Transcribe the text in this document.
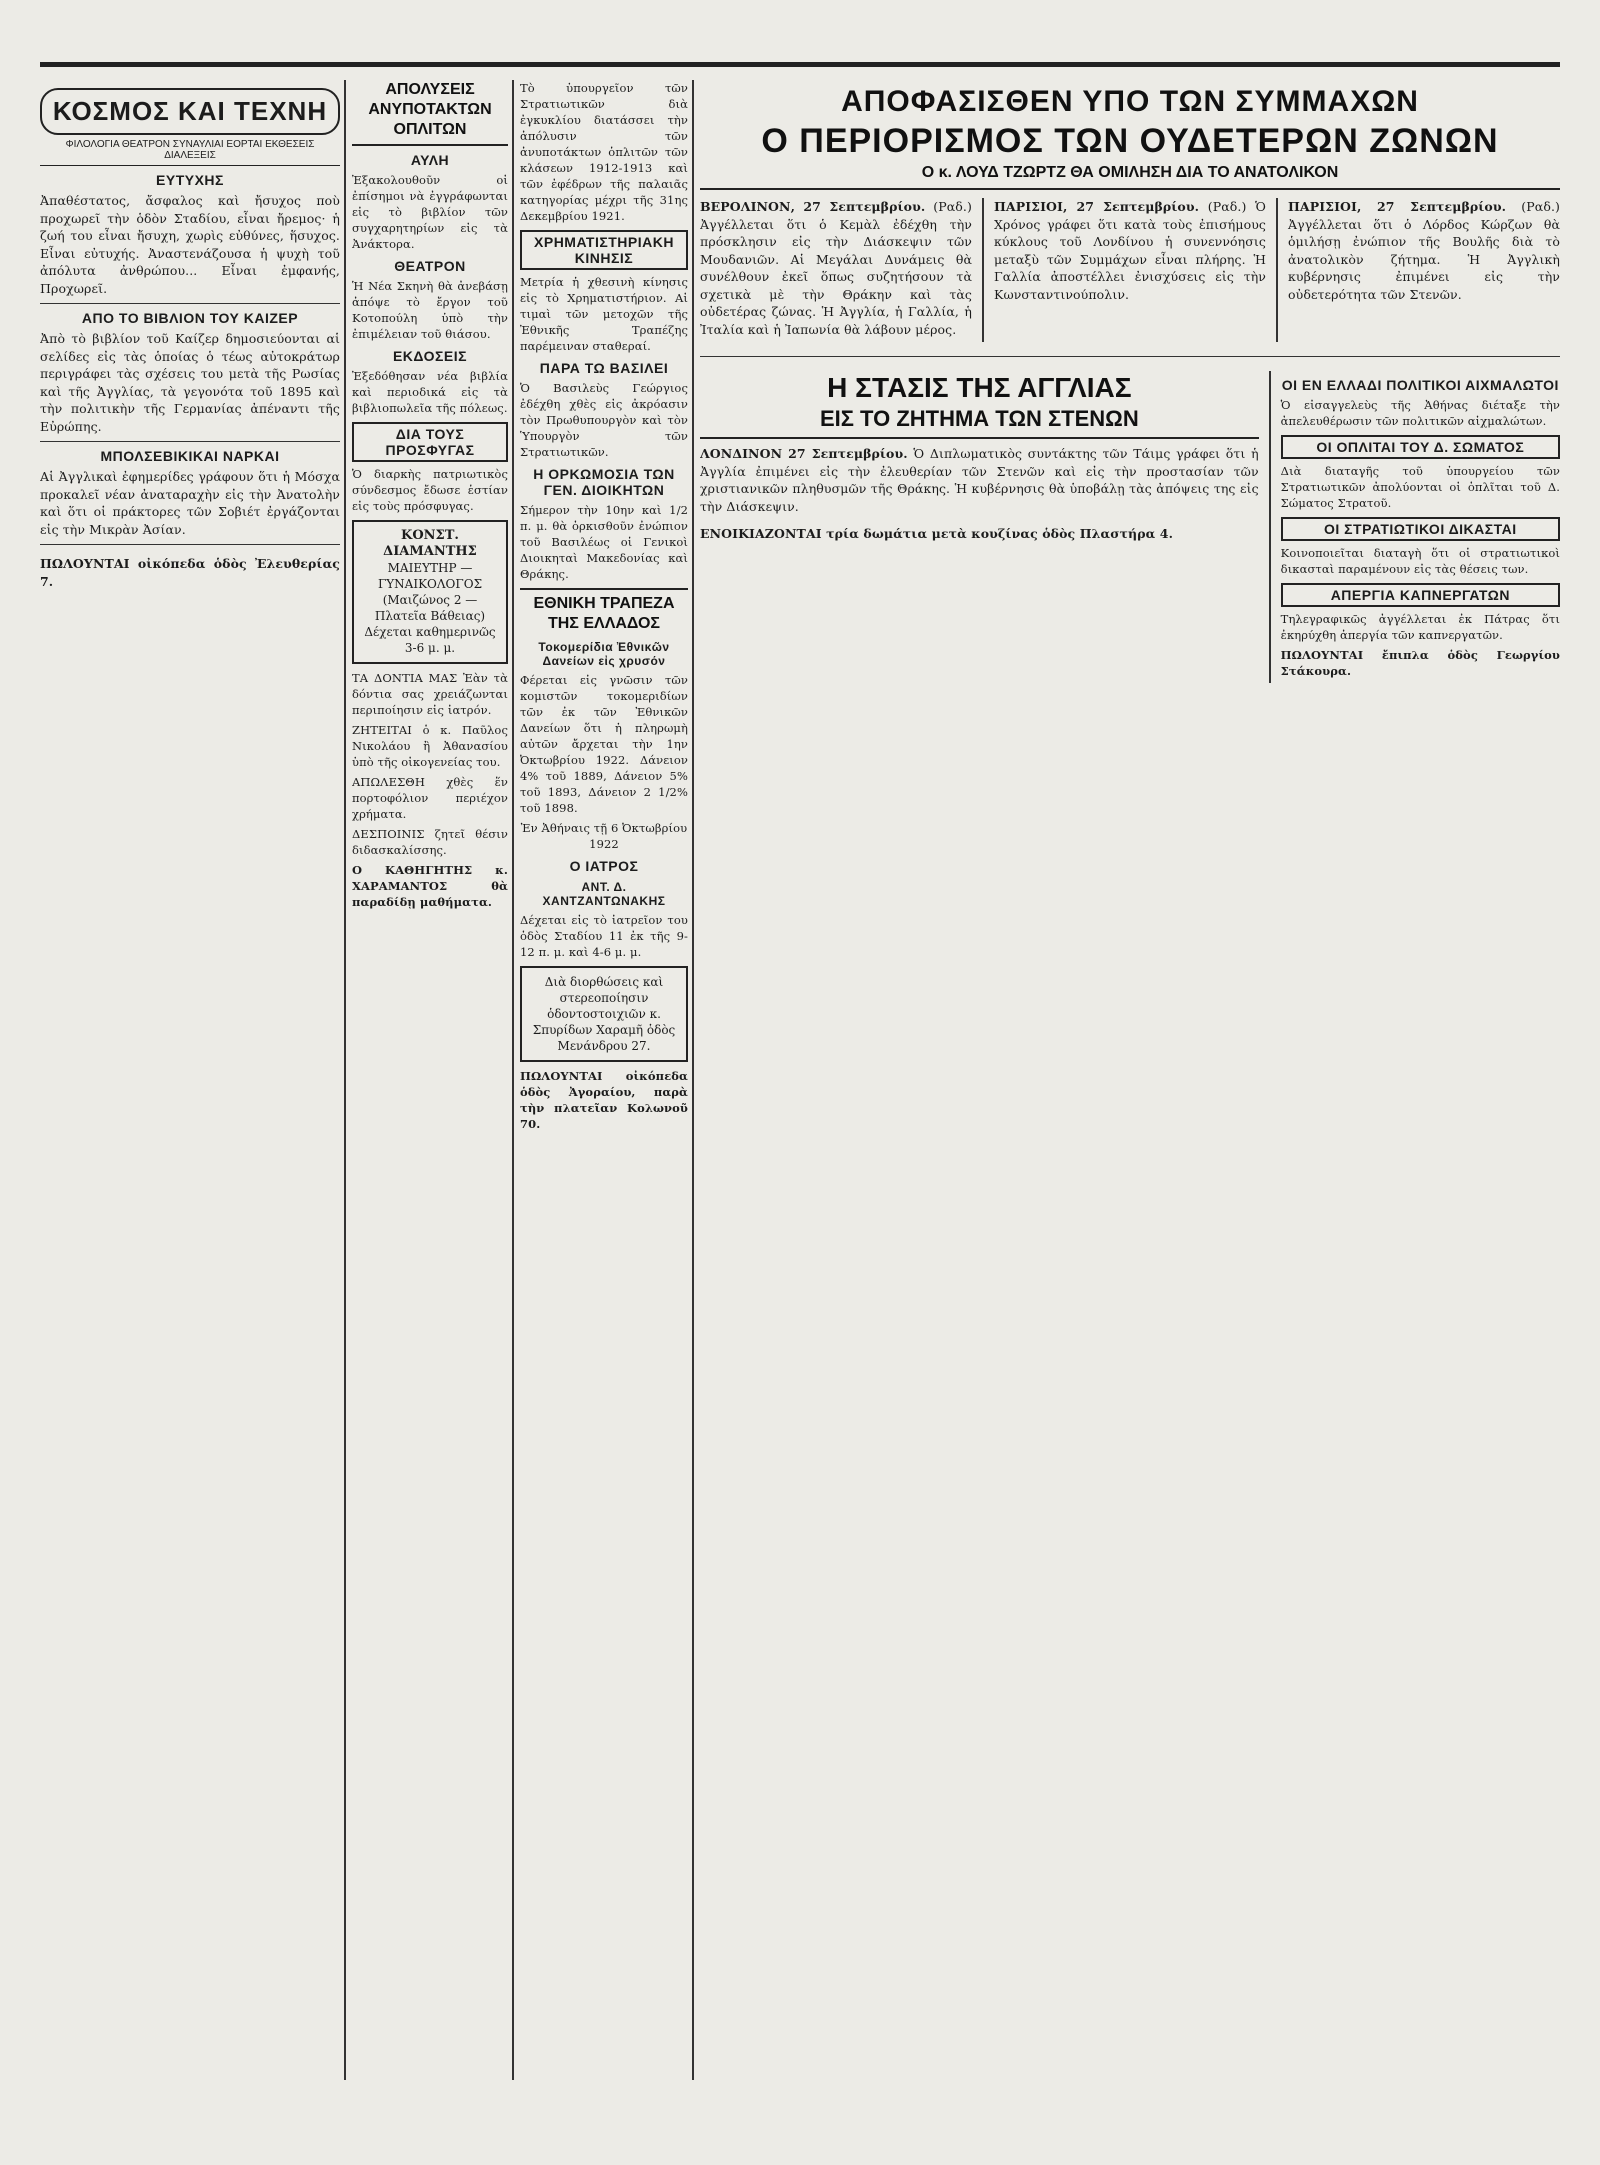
ΚΟΣΜΟΣ ΚΑΙ ΤΕΧΝΗ
ΦΙΛΟΛΟΓΙΑ ΘΕΑΤΡΟΝ ΣΥΝΑΥΛΙΑΙ ΕΟΡΤΑΙ ΕΚΘΕΣΕΙΣ ΔΙΑΛΕΞΕΙΣ
ΕΥΤΥΧΗΣ

Ἀπαθέστατος, ἄσφαλος καὶ ἤσυχος ποὺ προχωρεῖ τὴν ὁδὸν Σταδίου, εἶναι ἤρεμος· ἡ ζωή του εἶναι ἤσυχη, χωρὶς εὐθύνες, ἥσυχος. Εἶναι εὐτυχής. Ἀναστενάζουσα ἡ ψυχὴ τοῦ ἀπόλυτα ἀνθρώπου... Εἶναι ἐμφανής, Προχωρεῖ.

ΑΠΟ ΤΟ ΒΙΒΛΙΟΝ ΤΟΥ ΚΑΙΖΕΡ

Ἀπὸ τὸ βιβλίον τοῦ Καίζερ δημοσιεύονται αἱ σελίδες εἰς τὰς ὁποίας ὁ τέως αὐτοκράτωρ περιγράφει τὰς σχέσεις του μετὰ τῆς Ρωσίας καὶ τῆς Ἀγγλίας, τὰ γεγονότα τοῦ 1895 καὶ τὴν πολιτικὴν τῆς Γερμανίας ἀπέναντι τῆς Εὐρώπης.

ΜΠΟΛΣΕΒΙΚΙΚΑΙ ΝΑΡΚΑΙ

Αἱ Ἀγγλικαὶ ἐφημερίδες γράφουν ὅτι ἡ Μόσχα προκαλεῖ νέαν ἀναταραχὴν εἰς τὴν Ἀνατολὴν καὶ ὅτι οἱ πράκτορες τῶν Σοβιέτ ἐργάζονται εἰς τὴν Μικρὰν Ἀσίαν.

ΠΩΛΟΥΝΤΑΙ οἰκόπεδα ὁδὸς Ἐλευθερίας 7.
ΑΠΟΛΥΣΕΙΣ ΑΝΥΠΟΤΑΚΤΩΝ ΟΠΛΙΤΩΝ
ΑΥΛΗ

Ἐξακολουθοῦν οἱ ἐπίσημοι νὰ ἐγγράφωνται εἰς τὸ βιβλίον τῶν συγχαρητηρίων εἰς τὰ Ἀνάκτορα.

ΘΕΑΤΡΟΝ

Ἡ Νέα Σκηνὴ θὰ ἀνεβάσῃ ἀπόψε τὸ ἔργον τοῦ Κοτοπούλη ὑπὸ τὴν ἐπιμέλειαν τοῦ θιάσου.

ΕΚΔΟΣΕΙΣ

Ἐξεδόθησαν νέα βιβλία καὶ περιοδικά εἰς τὰ βιβλιοπωλεῖα τῆς πόλεως.

ΔΙΑ ΤΟΥΣ ΠΡΟΣΦΥΓΑΣ

Ὁ διαρκὴς πατριωτικὸς σύνδεσμος ἔδωσε ἑστίαν εἰς τοὺς πρόσφυγας.

ΚΟΝΣΤ. ΔΙΑΜΑΝΤΗΣ
ΜΑΙΕΥΤΗΡ — ΓΥΝΑΙΚΟΛΟΓΟΣ
(Μαιζώνος 2 — Πλατεῖα Βάθειας)
Δέχεται καθημερινῶς 3-6 μ. μ.

ΤΑ ΔΟΝΤΙΑ ΜΑΣ Ἐὰν τὰ δόντια σας χρειάζωνται περιποίησιν εἰς ἰατρόν.

ΖΗΤΕΙΤΑΙ ὁ κ. Παῦλος Νικολάου ἢ Ἀθανασίου ὑπὸ τῆς οἰκογενείας του.

ΑΠΩΛΕΣΘΗ χθὲς ἕν πορτοφόλιον περιέχον χρήματα.

ΔΕΣΠΟΙΝΙΣ ζητεῖ θέσιν διδασκαλίσσης.

Ο ΚΑΘΗΓΗΤΗΣ κ. ΧΑΡΑΜΑΝΤΟΣ θὰ παραδίδῃ μαθήματα.

Τὸ ὑπουργεῖον τῶν Στρατιωτικῶν διὰ ἐγκυκλίου διατάσσει τὴν ἀπόλυσιν τῶν ἀνυποτάκτων ὁπλιτῶν τῶν κλάσεων 1912-1913 καὶ τῶν ἐφέδρων τῆς παλαιᾶς κατηγορίας μέχρι τῆς 31ης Δεκεμβρίου 1921.

ΧΡΗΜΑΤΙΣΤΗΡΙΑΚΗ ΚΙΝΗΣΙΣ

Μετρία ἡ χθεσινὴ κίνησις εἰς τὸ Χρηματιστήριον. Αἱ τιμαὶ τῶν μετοχῶν τῆς Ἐθνικῆς Τραπέζης παρέμειναν σταθεραί.

ΠΑΡΑ ΤΩ ΒΑΣΙΛΕΙ

Ὁ Βασιλεὺς Γεώργιος ἐδέχθη χθὲς εἰς ἀκρόασιν τὸν Πρωθυπουργὸν καὶ τὸν Ὑπουργὸν τῶν Στρατιωτικῶν.

Η ΟΡΚΩΜΟΣΙΑ ΤΩΝ ΓΕΝ. ΔΙΟΙΚΗΤΩΝ

Σήμερον τὴν 10ην καὶ 1/2 π. μ. θὰ ὁρκισθοῦν ἐνώπιον τοῦ Βασιλέως οἱ Γενικοὶ Διοικηταὶ Μακεδονίας καὶ Θράκης.

ΕΘΝΙΚΗ ΤΡΑΠΕΖΑ ΤΗΣ ΕΛΛΑΔΟΣ
Τοκομερίδια Ἐθνικῶν Δανείων εἰς χρυσόν

Φέρεται εἰς γνῶσιν τῶν κομιστῶν τοκομεριδίων τῶν ἐκ τῶν Ἐθνικῶν Δανείων ὅτι ἡ πληρωμὴ αὐτῶν ἄρχεται τὴν 1ην Ὀκτωβρίου 1922. Δάνειον 4% τοῦ 1889, Δάνειον 5% τοῦ 1893, Δάνειον 2 1/2% τοῦ 1898.

Ἐν Ἀθήναις τῇ 6 Ὀκτωβρίου 1922

Ο ΙΑΤΡΟΣ
ΑΝΤ. Δ. ΧΑΝΤΖΑΝΤΩΝΑΚΗΣ

Δέχεται εἰς τὸ ἰατρεῖον του ὁδὸς Σταδίου 11 ἐκ τῆς 9-12 π. μ. καὶ 4-6 μ. μ.

Διὰ διορθώσεις καὶ στερεοποίησιν ὁδοντοστοιχιῶν κ. Σπυρίδων Χαραμῆ ὁδὸς Μενάνδρου 27.

ΠΩΛΟΥΝΤΑΙ οἰκόπεδα ὁδὸς Ἀγοραίου, παρὰ τὴν πλατεῖαν Κολωνοῦ 70.

ΑΠΟΦΑΣΙΣΘΕΝ ΥΠΟ ΤΩΝ ΣΥΜΜΑΧΩΝ
Ο ΠΕΡΙΟΡΙΣΜΟΣ ΤΩΝ ΟΥΔΕΤΕΡΩΝ ΖΩΝΩΝ
Ο κ. ΛΟΥΔ ΤΖΩΡΤΖ ΘΑ ΟΜΙΛΗΣΗ ΔΙΑ ΤΟ ΑΝΑΤΟΛΙΚΟΝ

ΒΕΡΟΛΙΝΟΝ, 27 Σεπτεμβρίου. (Ραδ.) Ἀγγέλλεται ὅτι ὁ Κεμὰλ ἐδέχθη τὴν πρόσκλησιν εἰς τὴν Διάσκεψιν τῶν Μουδανιῶν. Αἱ Μεγάλαι Δυνάμεις θὰ συνέλθουν ἐκεῖ ὅπως συζητήσουν τὰ σχετικὰ μὲ τὴν Θράκην καὶ τὰς οὐδετέρας ζώνας. Ἡ Ἀγγλία, ἡ Γαλλία, ἡ Ἰταλία καὶ ἡ Ἰαπωνία θὰ λάβουν μέρος.

ΠΑΡΙΣΙΟΙ, 27 Σεπτεμβρίου. (Ραδ.) Ὁ Χρόνος γράφει ὅτι κατὰ τοὺς ἐπισήμους κύκλους τοῦ Λονδίνου ἡ συνεννόησις μεταξὺ τῶν Συμμάχων εἶναι πλήρης. Ἡ Γαλλία ἀποστέλλει ἐνισχύσεις εἰς τὴν Κωνσταντινούπολιν.

ΠΑΡΙΣΙΟΙ, 27 Σεπτεμβρίου. (Ραδ.) Ἀγγέλλεται ὅτι ὁ Λόρδος Κώρζων θὰ ὁμιλήσῃ ἐνώπιον τῆς Βουλῆς διὰ τὸ ἀνατολικὸν ζήτημα. Ἡ Ἀγγλικὴ κυβέρνησις ἐπιμένει εἰς τὴν οὐδετερότητα τῶν Στενῶν.

Η ΣΤΑΣΙΣ ΤΗΣ ΑΓΓΛΙΑΣ
ΕΙΣ ΤΟ ΖΗΤΗΜΑ ΤΩΝ ΣΤΕΝΩΝ

ΛΟΝΔΙΝΟΝ 27 Σεπτεμβρίου. Ὁ Διπλωματικὸς συντάκτης τῶν Τάιμς γράφει ὅτι ἡ Ἀγγλία ἐπιμένει εἰς τὴν ἐλευθερίαν τῶν Στενῶν καὶ εἰς τὴν προστασίαν τῶν χριστιανικῶν πληθυσμῶν τῆς Θράκης. Ἡ κυβέρνησις θὰ ὑποβάλῃ τὰς ἀπόψεις της εἰς τὴν Διάσκεψιν.

ΕΝΟΙΚΙΑΖΟΝΤΑΙ τρία δωμάτια μετὰ κουζίνας ὁδὸς Πλαστήρα 4.

ΟΙ ΕΝ ΕΛΛΑΔΙ ΠΟΛΙΤΙΚΟΙ ΑΙΧΜΑΛΩΤΟΙ

Ὁ εἰσαγγελεὺς τῆς Ἀθήνας διέταξε τὴν ἀπελευθέρωσιν τῶν πολιτικῶν αἰχμαλώτων.

ΟΙ ΟΠΛΙΤΑΙ ΤΟΥ Δ. ΣΩΜΑΤΟΣ

Διὰ διαταγῆς τοῦ ὑπουργείου τῶν Στρατιωτικῶν ἀπολύονται οἱ ὁπλῖται τοῦ Δ. Σώματος Στρατοῦ.

ΟΙ ΣΤΡΑΤΙΩΤΙΚΟΙ ΔΙΚΑΣΤΑΙ

Κοινοποιεῖται διαταγὴ ὅτι οἱ στρατιωτικοὶ δικασταὶ παραμένουν εἰς τὰς θέσεις των.

ΑΠΕΡΓΙΑ ΚΑΠΝΕΡΓΑΤΩΝ

Τηλεγραφικῶς ἀγγέλλεται ἐκ Πάτρας ὅτι ἐκηρύχθη ἀπεργία τῶν καπνεργατῶν.

ΠΩΛΟΥΝΤΑΙ ἔπιπλα ὁδὸς Γεωργίου Στάκουρα.
